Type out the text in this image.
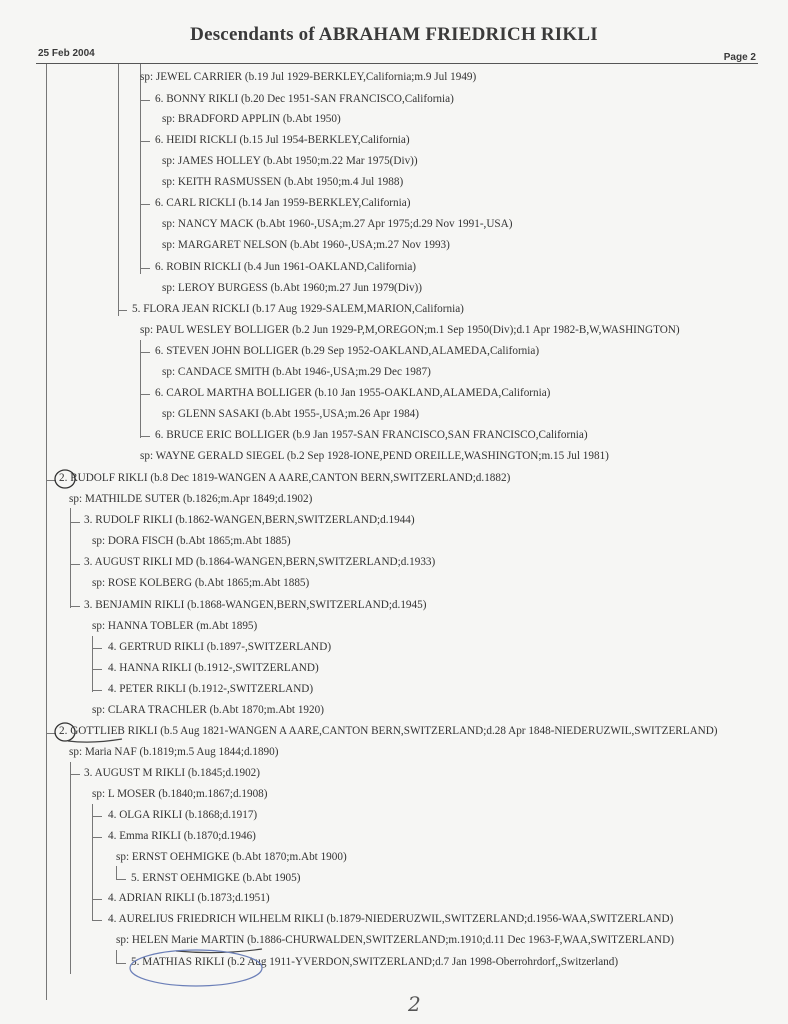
Descendants of ABRAHAM FRIEDRICH RIKLI
25 Feb 2004	Page 2
sp: JEWEL CARRIER (b.19 Jul 1929-BERKLEY,California;m.9 Jul 1949)
6. BONNY RIKLI (b.20 Dec 1951-SAN FRANCISCO,California)
sp: BRADFORD APPLIN (b.Abt 1950)
6. HEIDI RICKLI (b.15 Jul 1954-BERKLEY,California)
sp: JAMES HOLLEY (b.Abt 1950;m.22 Mar 1975(Div))
sp: KEITH RASMUSSEN (b.Abt 1950;m.4 Jul 1988)
6. CARL RICKLI (b.14 Jan 1959-BERKLEY,California)
sp: NANCY MACK (b.Abt 1960-,USA;m.27 Apr 1975;d.29 Nov 1991-,USA)
sp: MARGARET NELSON (b.Abt 1960-,USA;m.27 Nov 1993)
6. ROBIN RICKLI (b.4 Jun 1961-OAKLAND,California)
sp: LEROY BURGESS (b.Abt 1960;m.27 Jun 1979(Div))
5. FLORA JEAN RICKLI (b.17 Aug 1929-SALEM,MARION,California)
sp: PAUL WESLEY BOLLIGER (b.2 Jun 1929-P,M,OREGON;m.1 Sep 1950(Div);d.1 Apr 1982-B,W,WASHINGTON)
6. STEVEN JOHN BOLLIGER (b.29 Sep 1952-OAKLAND,ALAMEDA,California)
sp: CANDACE SMITH (b.Abt 1946-,USA;m.29 Dec 1987)
6. CAROL MARTHA BOLLIGER (b.10 Jan 1955-OAKLAND,ALAMEDA,California)
sp: GLENN SASAKI (b.Abt 1955-,USA;m.26 Apr 1984)
6. BRUCE ERIC BOLLIGER (b.9 Jan 1957-SAN FRANCISCO,SAN FRANCISCO,California)
sp: WAYNE GERALD SIEGEL (b.2 Sep 1928-IONE,PEND OREILLE,WASHINGTON;m.15 Jul 1981)
2. RUDOLF RIKLI (b.8 Dec 1819-WANGEN A AARE,CANTON BERN,SWITZERLAND;d.1882)
sp: MATHILDE SUTER (b.1826;m.Apr 1849;d.1902)
3. RUDOLF RIKLI (b.1862-WANGEN,BERN,SWITZERLAND;d.1944)
sp: DORA FISCH (b.Abt 1865;m.Abt 1885)
3. AUGUST RIKLI MD (b.1864-WANGEN,BERN,SWITZERLAND;d.1933)
sp: ROSE KOLBERG (b.Abt 1865;m.Abt 1885)
3. BENJAMIN RIKLI (b.1868-WANGEN,BERN,SWITZERLAND;d.1945)
sp: HANNA TOBLER (m.Abt 1895)
4. GERTRUD RIKLI (b.1897-,SWITZERLAND)
4. HANNA RIKLI (b.1912-,SWITZERLAND)
4. PETER RIKLI (b.1912-,SWITZERLAND)
sp: CLARA TRACHLER (b.Abt 1870;m.Abt 1920)
2. GOTTLIEB RIKLI (b.5 Aug 1821-WANGEN A AARE,CANTON BERN,SWITZERLAND;d.28 Apr 1848-NIEDERUZWIL,SWITZERLAND)
sp: Maria NAF (b.1819;m.5 Aug 1844;d.1890)
3. AUGUST M RIKLI (b.1845;d.1902)
sp: L MOSER (b.1840;m.1867;d.1908)
4. OLGA RIKLI (b.1868;d.1917)
4. Emma RIKLI (b.1870;d.1946)
sp: ERNST OEHMIGKE (b.Abt 1870;m.Abt 1900)
5. ERNST OEHMIGKE (b.Abt 1905)
4. ADRIAN RIKLI (b.1873;d.1951)
4. AURELIUS FRIEDRICH WILHELM RIKLI (b.1879-NIEDERUZWIL,SWITZERLAND;d.1956-WAA,SWITZERLAND)
sp: HELEN Marie MARTIN (b.1886-CHURWALDEN,SWITZERLAND;m.1910;d.11 Dec 1963-F,WAA,SWITZERLAND)
5. MATHIAS RIKLI (b.2 Aug 1911-YVERDON,SWITZERLAND;d.7 Jan 1998-Oberrohrdorf,,Switzerland)
2
